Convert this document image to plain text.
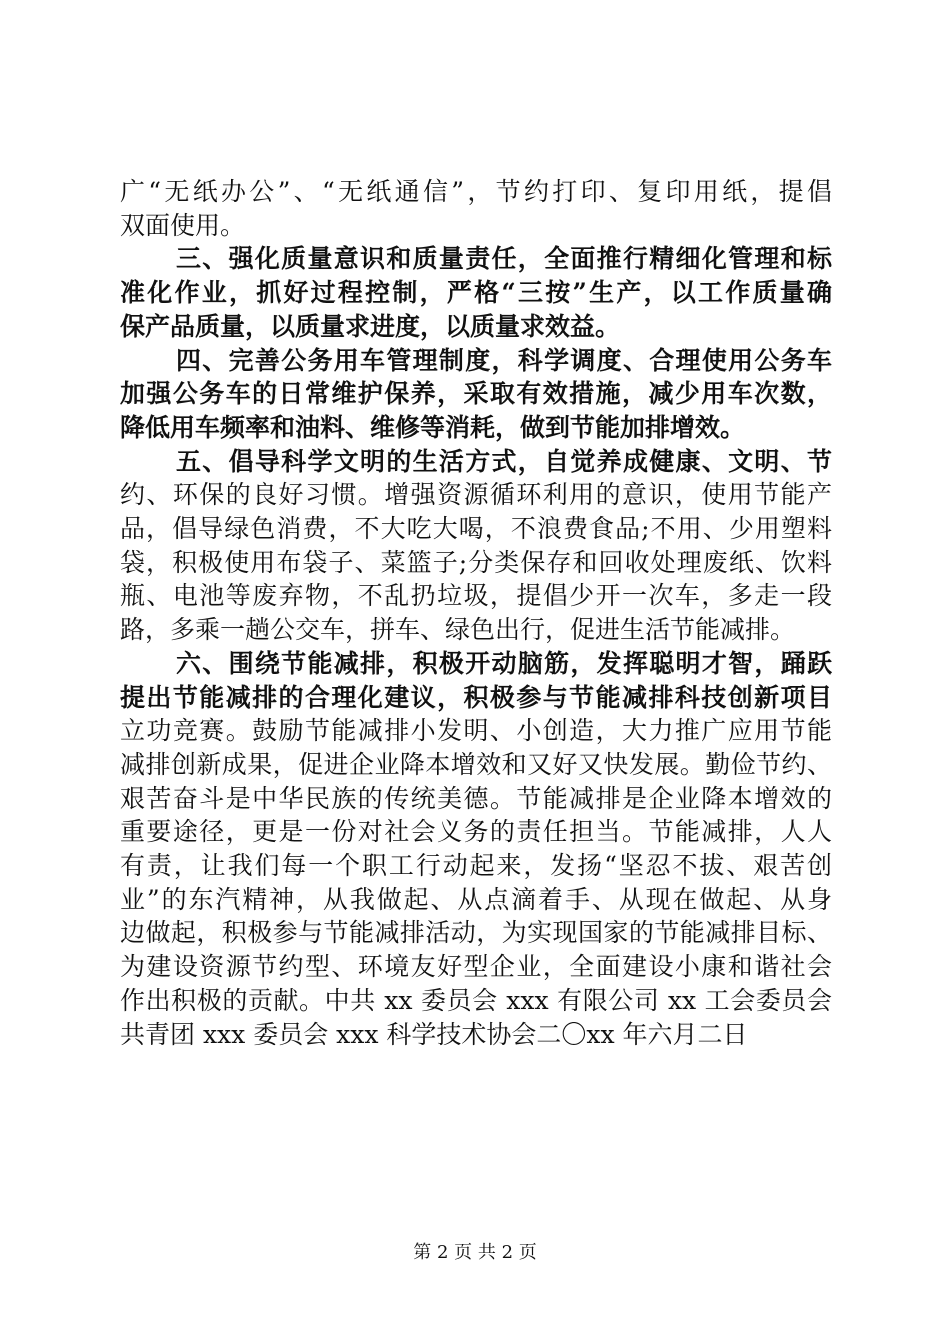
广“无纸办公”、“无纸通信”，节约打印、复印用纸，提倡
双面使用。
三、强化质量意识和质量责任，全面推行精细化管理和标
准化作业，抓好过程控制，严格“三按”生产，以工作质量确
保产品质量，以质量求进度，以质量求效益。
四、完善公务用车管理制度，科学调度、合理使用公务车
加强公务车的日常维护保养，采取有效措施，减少用车次数，
降低用车频率和油料、维修等消耗，做到节能加排增效。
五、倡导科学文明的生活方式，自觉养成健康、文明、节
约、环保的良好习惯。增强资源循环利用的意识，使用节能产
品，倡导绿色消费，不大吃大喝，不浪费食品;不用、少用塑料
袋，积极使用布袋子、菜篮子;分类保存和回收处理废纸、饮料
瓶、电池等废弃物，不乱扔垃圾，提倡少开一次车，多走一段
路，多乘一趟公交车，拼车、绿色出行，促进生活节能减排。
六、围绕节能减排，积极开动脑筋，发挥聪明才智，踊跃
提出节能减排的合理化建议，积极参与节能减排科技创新项目
立功竞赛。鼓励节能减排小发明、小创造，大力推广应用节能
减排创新成果，促进企业降本增效和又好又快发展。勤俭节约、
艰苦奋斗是中华民族的传统美德。节能减排是企业降本增效的
重要途径，更是一份对社会义务的责任担当。节能减排，人人
有责，让我们每一个职工行动起来，发扬“坚忍不拔、艰苦创
业”的东汽精神，从我做起、从点滴着手、从现在做起、从身
边做起，积极参与节能减排活动，为实现国家的节能减排目标、
为建设资源节约型、环境友好型企业，全面建设小康和谐社会
作出积极的贡献。中共 xx 委员会 xxx 有限公司 xx 工会委员会
共青团 xxx 委员会 xxx 科学技术协会二〇xx 年六月二日
第 2 页 共 2 页
